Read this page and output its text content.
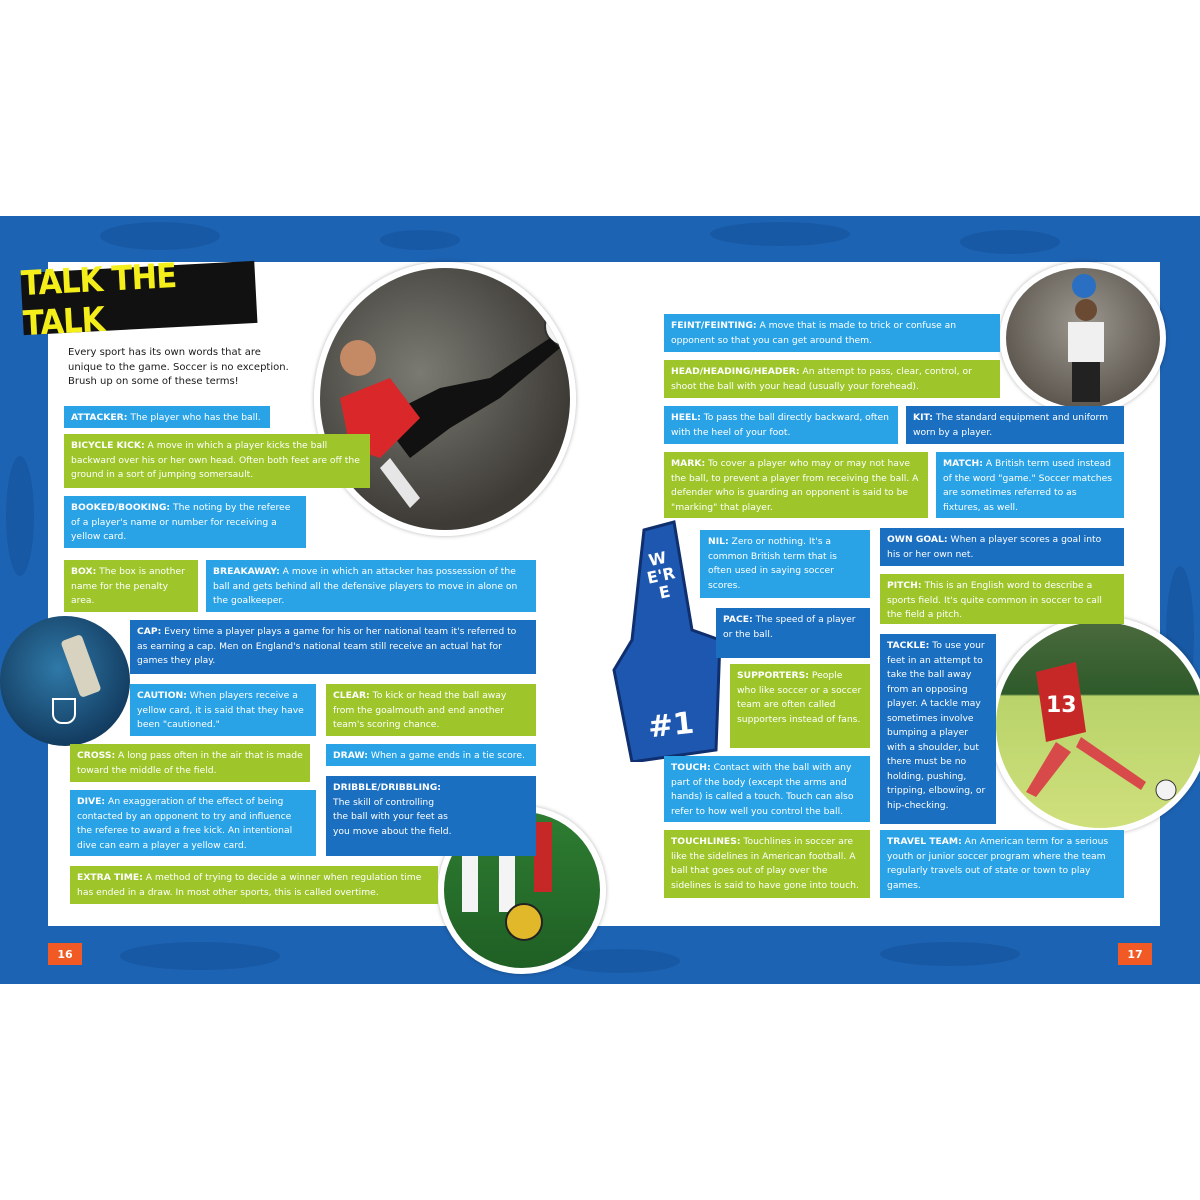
16	17
TALK THE TALK
Every sport has its own words that are unique to the game. Soccer is no exception. Brush up on some of these terms!
13
WE'RE
#1
ATTACKER: The player who has the ball.
BICYCLE KICK: A move in which a player kicks the ball backward over his or her own head. Often both feet are off the ground in a sort of jumping somersault.
BOOKED/BOOKING: The noting by the referee of a player's name or number for receiving a yellow card.
BOX: The box is another name for the penalty area.
BREAKAWAY: A move in which an attacker has possession of the ball and gets behind all the defensive players to move in alone on the goalkeeper.
CAP: Every time a player plays a game for his or her national team it's referred to as earning a cap. Men on England's national team still receive an actual hat for games they play.
CAUTION: When players receive a yellow card, it is said that they have been "cautioned."
CLEAR: To kick or head the ball away from the goalmouth and end another team's scoring chance.
CROSS: A long pass often in the air that is made toward the middle of the field.
DRAW: When a game ends in a tie score.
DIVE: An exaggeration of the effect of being contacted by an opponent to try and influence the referee to award a free kick. An intentional dive can earn a player a yellow card.
DRIBBLE/DRIBBLING: The skill of controlling the ball with your feet as you move about the field.
EXTRA TIME: A method of trying to decide a winner when regulation time has ended in a draw. In most other sports, this is called overtime.
FEINT/FEINTING: A move that is made to trick or confuse an opponent so that you can get around them.
HEAD/HEADING/HEADER: An attempt to pass, clear, control, or shoot the ball with your head (usually your forehead).
HEEL: To pass the ball directly backward, often with the heel of your foot.
KIT: The standard equipment and uniform worn by a player.
MARK: To cover a player who may or may not have the ball, to prevent a player from receiving the ball. A defender who is guarding an opponent is said to be "marking" that player.
MATCH: A British term used instead of the word "game." Soccer matches are sometimes referred to as fixtures, as well.
NIL: Zero or nothing. It's a common British term that is often used in saying soccer scores.
OWN GOAL: When a player scores a goal into his or her own net.
PITCH: This is an English word to describe a sports field. It's quite common in soccer to call the field a pitch.
PACE: The speed of a player or the ball.
TACKLE: To use your feet in an attempt to take the ball away from an opposing player. A tackle may sometimes involve bumping a player with a shoulder, but there must be no holding, pushing, tripping, elbowing, or hip-checking.
SUPPORTERS: People who like soccer or a soccer team are often called supporters instead of fans.
TOUCH: Contact with the ball with any part of the body (except the arms and hands) is called a touch. Touch can also refer to how well you control the ball.
TOUCHLINES: Touchlines in soccer are like the sidelines in American football. A ball that goes out of play over the sidelines is said to have gone into touch.
TRAVEL TEAM: An American term for a serious youth or junior soccer program where the team regularly travels out of state or town to play games.
